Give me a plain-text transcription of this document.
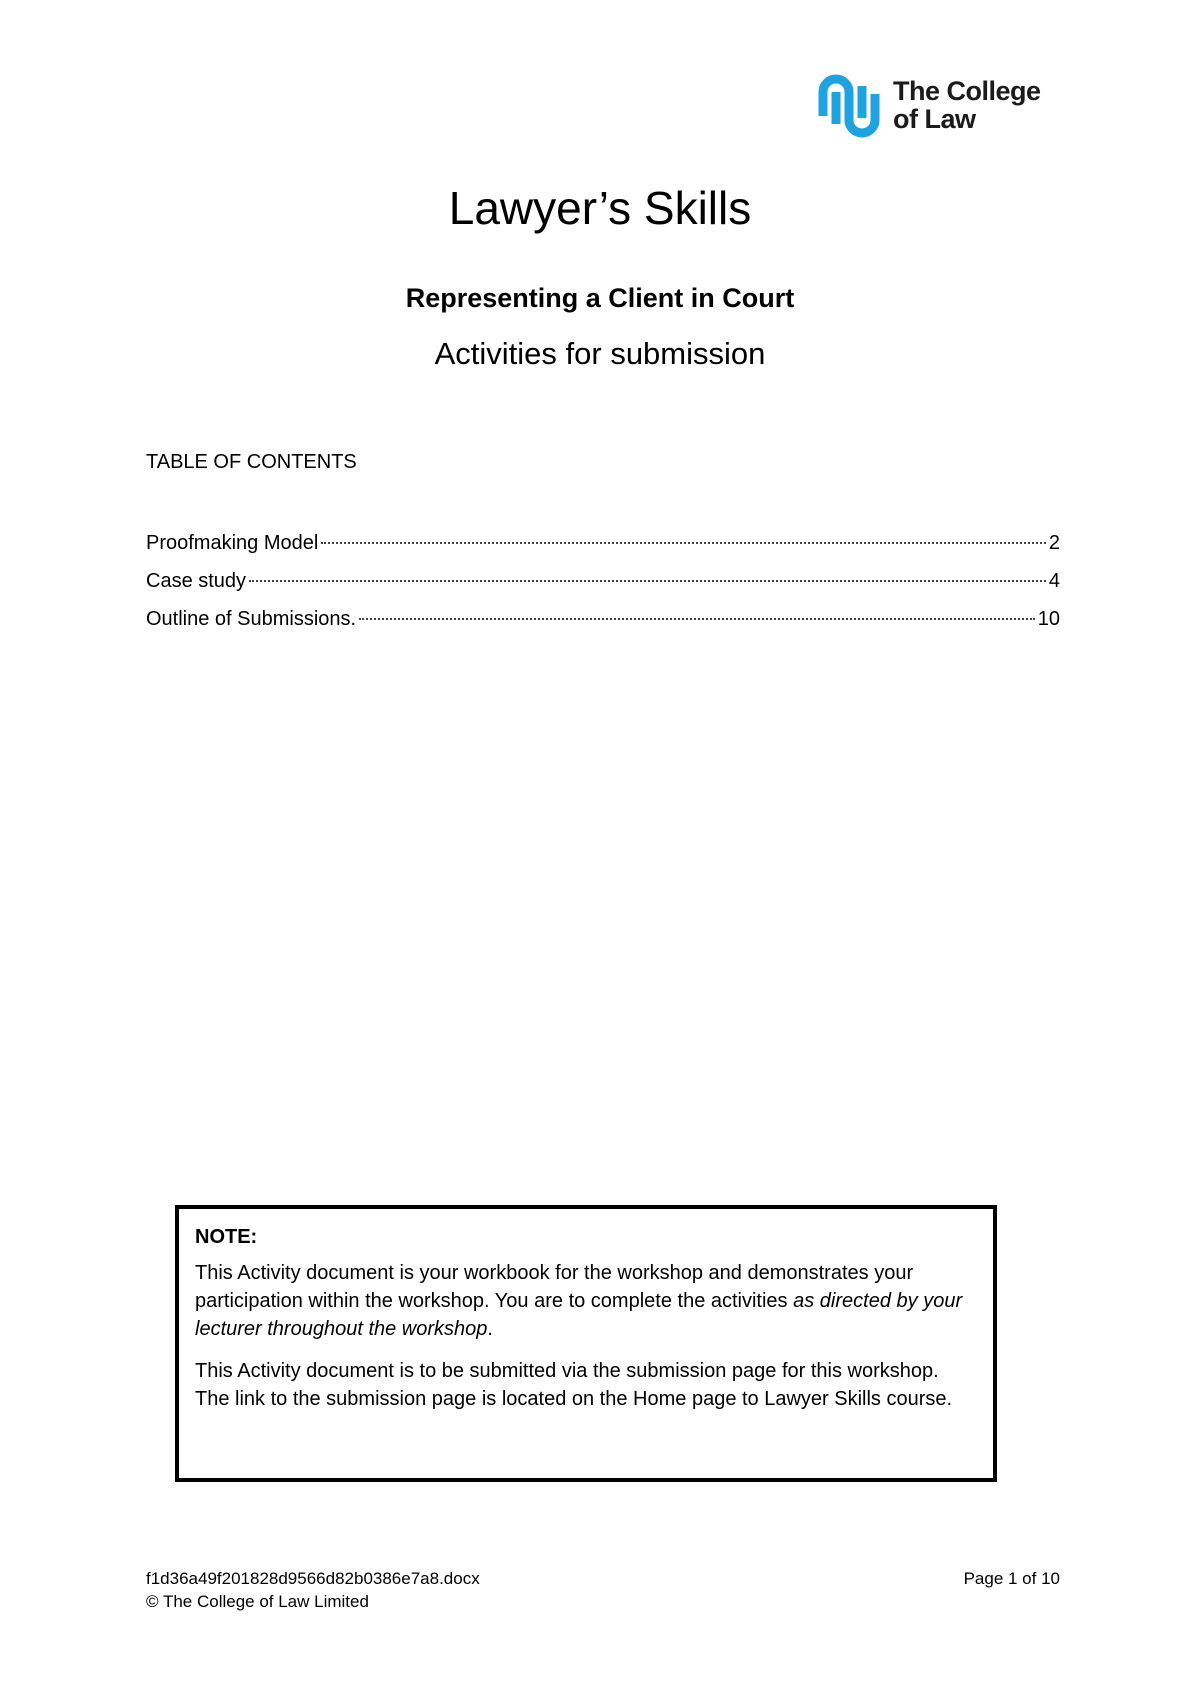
The College
of Law
Lawyer’s Skills
Representing a Client in Court
Activities for submission
TABLE OF CONTENTS
Proofmaking Model	2
Case study	4
Outline of Submissions.	10

NOTE:

This Activity document is your workbook for the workshop and demonstrates your participation within the workshop. You are to complete the activities as directed by your lecturer throughout the workshop.

This Activity document is to be submitted via the submission page for this workshop. The link to the submission page is located on the Home page to Lawyer Skills course.

f1d36a49f201828d9566d82b0386e7a8.docx
© The College of Law Limited
Page 1 of 10
